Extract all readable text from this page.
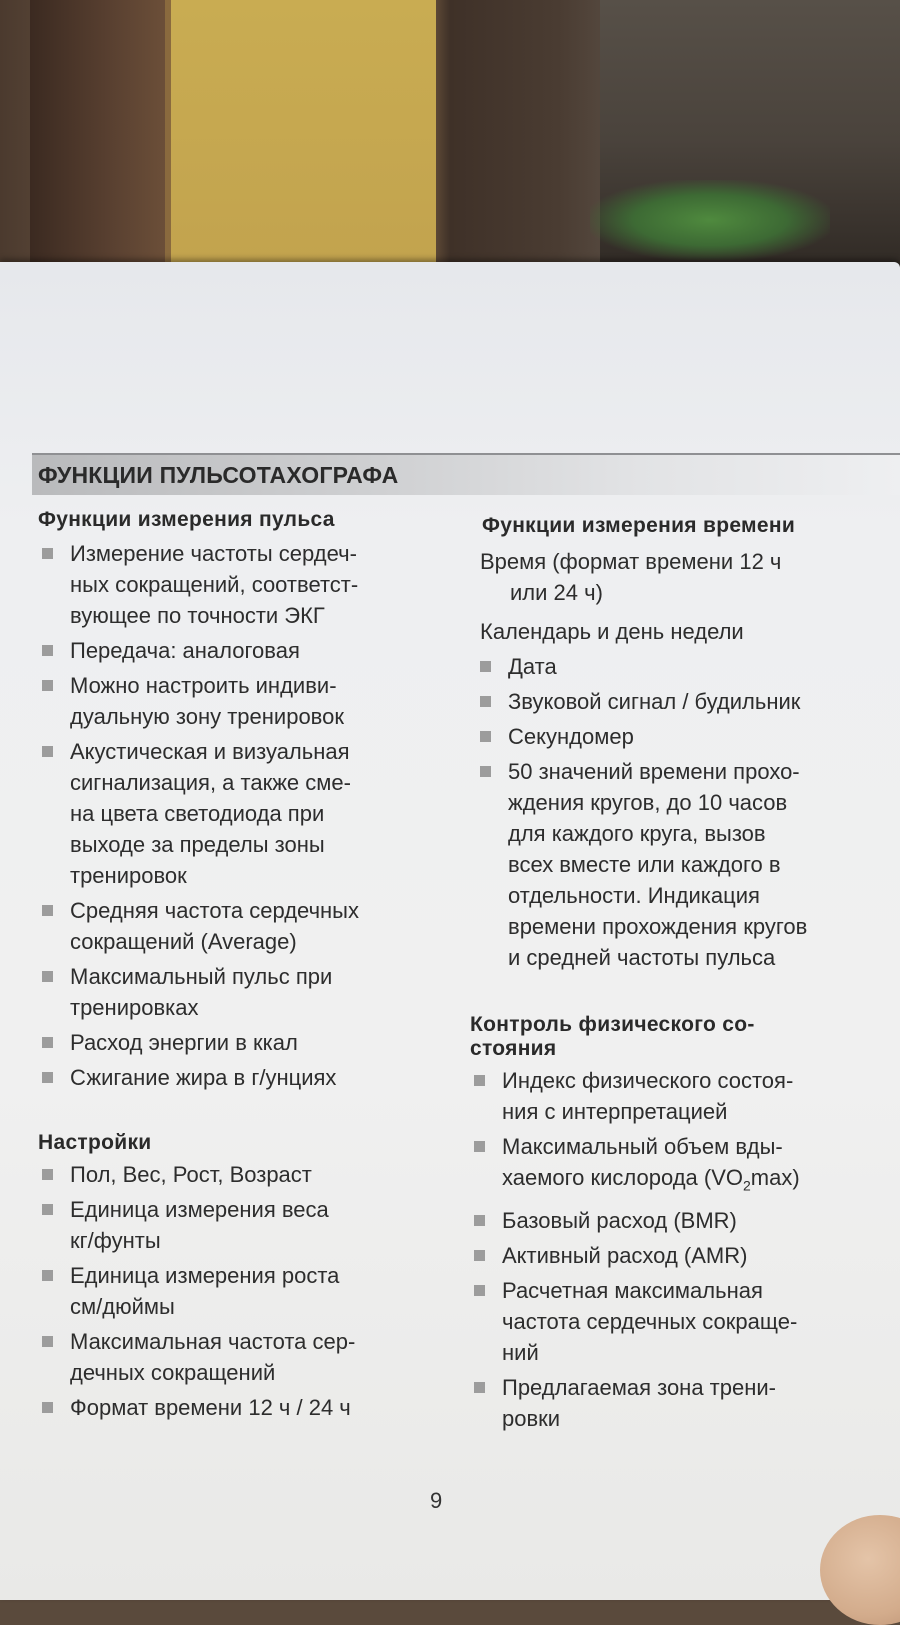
ФУНКЦИИ ПУЛЬСОТАХОГРАФА
Функции измерения пульса
Измерение частоты сердеч-
ных сокращений, соответст-
вующее по точности ЭКГ
Передача: аналоговая
Можно настроить индиви-
дуальную зону тренировок
Акустическая и визуальная
сигнализация, а также сме-
на цвета светодиода при
выходе за пределы зоны
тренировок
Средняя частота сердечных
сокращений (Average)
Максимальный пульс при
тренировках
Расход энергии в ккал
Сжигание жира в г/унциях
Настройки
Пол, Вес, Рост, Возраст
Единица измерения веса
кг/фунты
Единица измерения роста
см/дюймы
Максимальная частота сер-
дечных сокращений
Формат времени 12 ч / 24 ч
Функции измерения времени
Время (формат времени 12 ч
или 24 ч)
Календарь и день недели
Дата
Звуковой сигнал / будильник
Секундомер
50 значений времени прохо-
ждения кругов, до 10 часов
для каждого круга, вызов
всех вместе или каждого в
отдельности. Индикация
времени прохождения кругов
и средней частоты пульса
Контроль физического со-
стояния
Индекс физического состоя-
ния с интерпретацией
Максимальный объем вды-
хаемого кислорода $(VO_2\max)$
Базовый расход (BMR)
Активный расход (AMR)
Расчетная максимальная
частота сердечных сокраще-
ний
Предлагаемая зона трени-
ровки
9
